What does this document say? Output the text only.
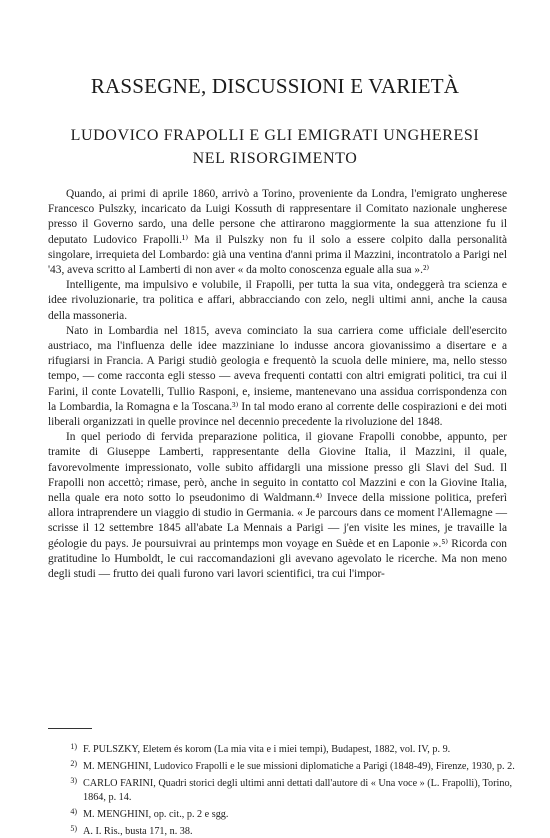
RASSEGNE, DISCUSSIONI E VARIETÀ
LUDOVICO FRAPOLLI E GLI EMIGRATI UNGHERESI
NEL RISORGIMENTO

Quando, ai primi di aprile 1860, arrivò a Torino, proveniente da Londra, l'emigrato ungherese Francesco Pulszky, incaricato da Luigi Kossuth di rappresentare il Comitato nazionale ungherese presso il Governo sardo, una delle persone che attirarono maggiormente la sua attenzione fu il deputato Ludovico Frapolli.¹⁾ Ma il Pulszky non fu il solo a essere colpito dalla personalità singolare, irrequieta del Lombardo: già una ventina d'anni prima il Mazzini, incontratolo a Parigi nel '43, aveva scritto al Lamberti di non aver « da molto conoscenza eguale alla sua ».²⁾

Intelligente, ma impulsivo e volubile, il Frapolli, per tutta la sua vita, ondeggerà tra scienza e idee rivoluzionarie, tra politica e affari, abbracciando con zelo, negli ultimi anni, anche la causa della massoneria.

Nato in Lombardia nel 1815, aveva cominciato la sua carriera come ufficiale dell'esercito austriaco, ma l'influenza delle idee mazziniane lo indusse ancora giovanissimo a disertare e a rifugiarsi in Francia. A Parigi studiò geologia e frequentò la scuola delle miniere, ma, nello stesso tempo, — come racconta egli stesso — aveva frequenti contatti con altri emigrati politici, tra cui il Farini, il conte Lovatelli, Tullio Rasponi, e, insieme, mantenevano una assidua corrispondenza con la Lombardia, la Romagna e la Toscana.³⁾ In tal modo erano al corrente delle cospirazioni e dei moti liberali organizzati in quelle province nel decennio precedente la rivoluzione del 1848.

In quel periodo di fervida preparazione politica, il giovane Frapolli conobbe, appunto, per tramite di Giuseppe Lamberti, rappresentante della Giovine Italia, il Mazzini, il quale, favorevolmente impressionato, volle subito affidargli una missione presso gli Slavi del Sud. Il Frapolli non accettò; rimase, però, anche in seguito in contatto col Mazzini e con la Giovine Italia, nella quale era noto sotto lo pseudonimo di Waldmann.⁴⁾ Invece della missione politica, preferì allora intraprendere un viaggio di studio in Germania. « Je parcours dans ce moment l'Allemagne — scrisse il 12 settembre 1845 all'abate La Mennais a Parigi — j'en visite les mines, je travaille la géologie du pays. Je poursuivrai au printemps mon voyage en Suède et en Laponie ».⁵⁾ Ricorda con gratitudine lo Humboldt, le cui raccomandazioni gli avevano agevolato le ricerche. Ma non meno degli studi — frutto dei quali furono vari lavori scientifici, tra cui l'impor-

1) F. PULSZKY, Eletem és korom (La mia vita e i miei tempi), Budapest, 1882, vol. IV, p. 9.

2) M. MENGHINI, Ludovico Frapolli e le sue missioni diplomatiche a Parigi (1848-49), Firenze, 1930, p. 2.

3) CARLO FARINI, Quadri storici degli ultimi anni dettati dall'autore di « Una voce » (L. Frapolli), Torino, 1864, p. 14.

4) M. MENGHINI, op. cit., p. 2 e sgg.

5) A. I. Ris., busta 171, n. 38.
